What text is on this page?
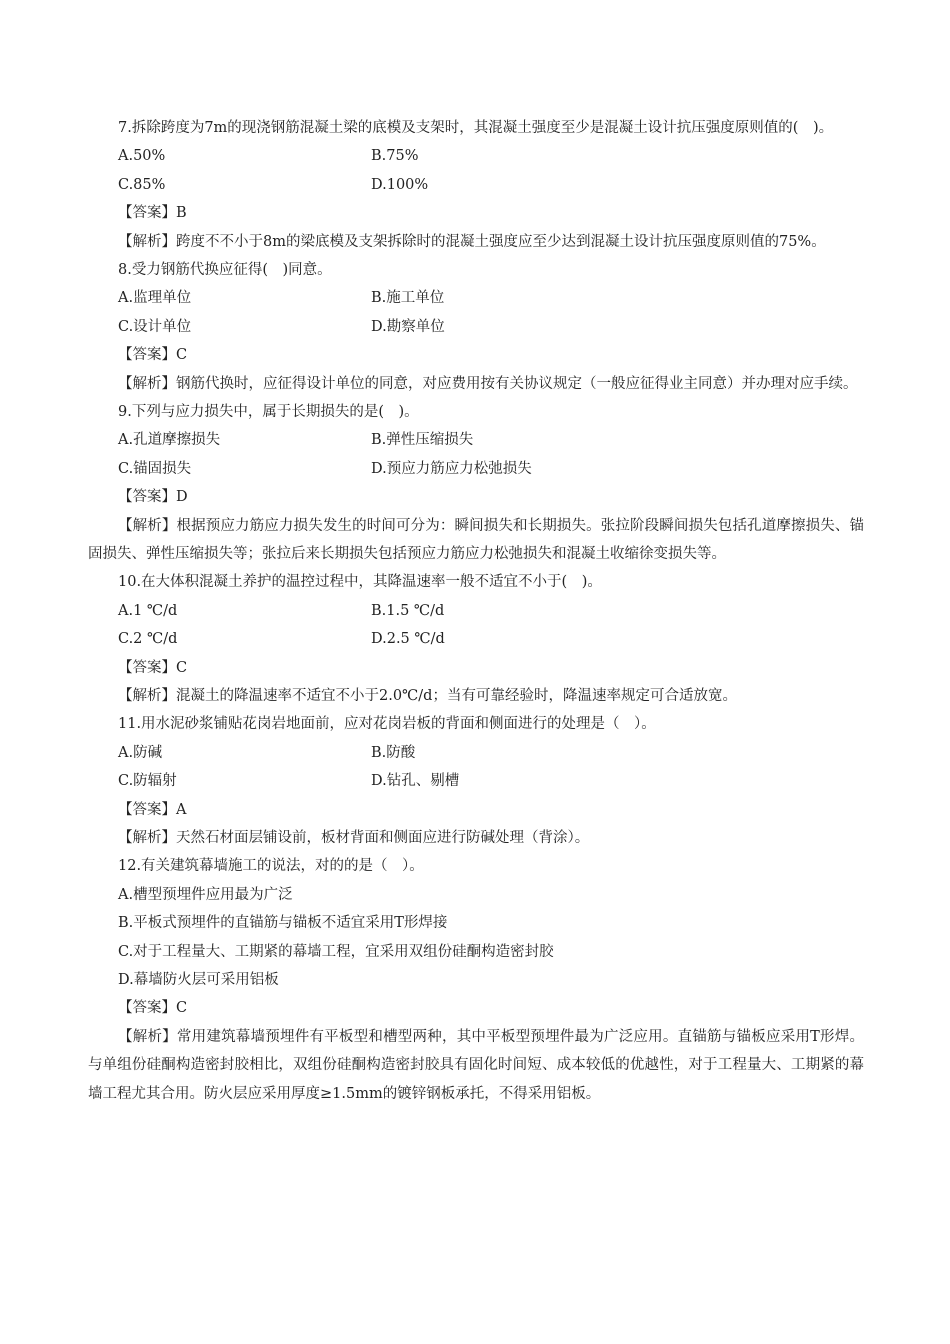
7.拆除跨度为7m的现浇钢筋混凝土梁的底模及支架时，其混凝土强度至少是混凝土设计抗压强度原则值的(　)。
A.50%	B.75%
C.85%	D.100%
【答案】B
【解析】跨度不不小于8m的梁底模及支架拆除时的混凝土强度应至少达到混凝土设计抗压强度原则值的75%。
8.受力钢筋代换应征得(　)同意。
A.监理单位	B.施工单位
C.设计单位	D.勘察单位
【答案】C
【解析】钢筋代换时，应征得设计单位的同意，对应费用按有关协议规定（一般应征得业主同意）并办理对应手续。
9.下列与应力损失中，属于长期损失的是(　)。
A.孔道摩擦损失	B.弹性压缩损失
C.锚固损失	D.预应力筋应力松弛损失
【答案】D
【解析】根据预应力筋应力损失发生的时间可分为：瞬间损失和长期损失。张拉阶段瞬间损失包括孔道摩擦损失、锚固损失、弹性压缩损失等；张拉后来长期损失包括预应力筋应力松弛损失和混凝土收缩徐变损失等。
10.在大体积混凝土养护的温控过程中，其降温速率一般不适宜不小于(　)。
A.1 ℃/d	B.1.5 ℃/d
C.2 ℃/d	D.2.5 ℃/d
【答案】C
【解析】混凝土的降温速率不适宜不小于2.0℃/d；当有可靠经验时，降温速率规定可合适放宽。
11.用水泥砂浆铺贴花岗岩地面前，应对花岗岩板的背面和侧面进行的处理是（　）。
A.防碱	B.防酸
C.防辐射	D.钻孔、剔槽
【答案】A
【解析】天然石材面层铺设前，板材背面和侧面应进行防碱处理（背涂）。
12.有关建筑幕墙施工的说法，对的的是（　）。
A.槽型预埋件应用最为广泛
B.平板式预埋件的直锚筋与锚板不适宜采用T形焊接
C.对于工程量大、工期紧的幕墙工程，宜采用双组份硅酮构造密封胶
D.幕墙防火层可采用铝板
【答案】C
【解析】常用建筑幕墙预埋件有平板型和槽型两种，其中平板型预埋件最为广泛应用。直锚筋与锚板应采用T形焊。与单组份硅酮构造密封胶相比，双组份硅酮构造密封胶具有固化时间短、成本较低的优越性，对于工程量大、工期紧的幕墙工程尤其合用。防火层应采用厚度≥1.5mm的镀锌钢板承托，不得采用铝板。
